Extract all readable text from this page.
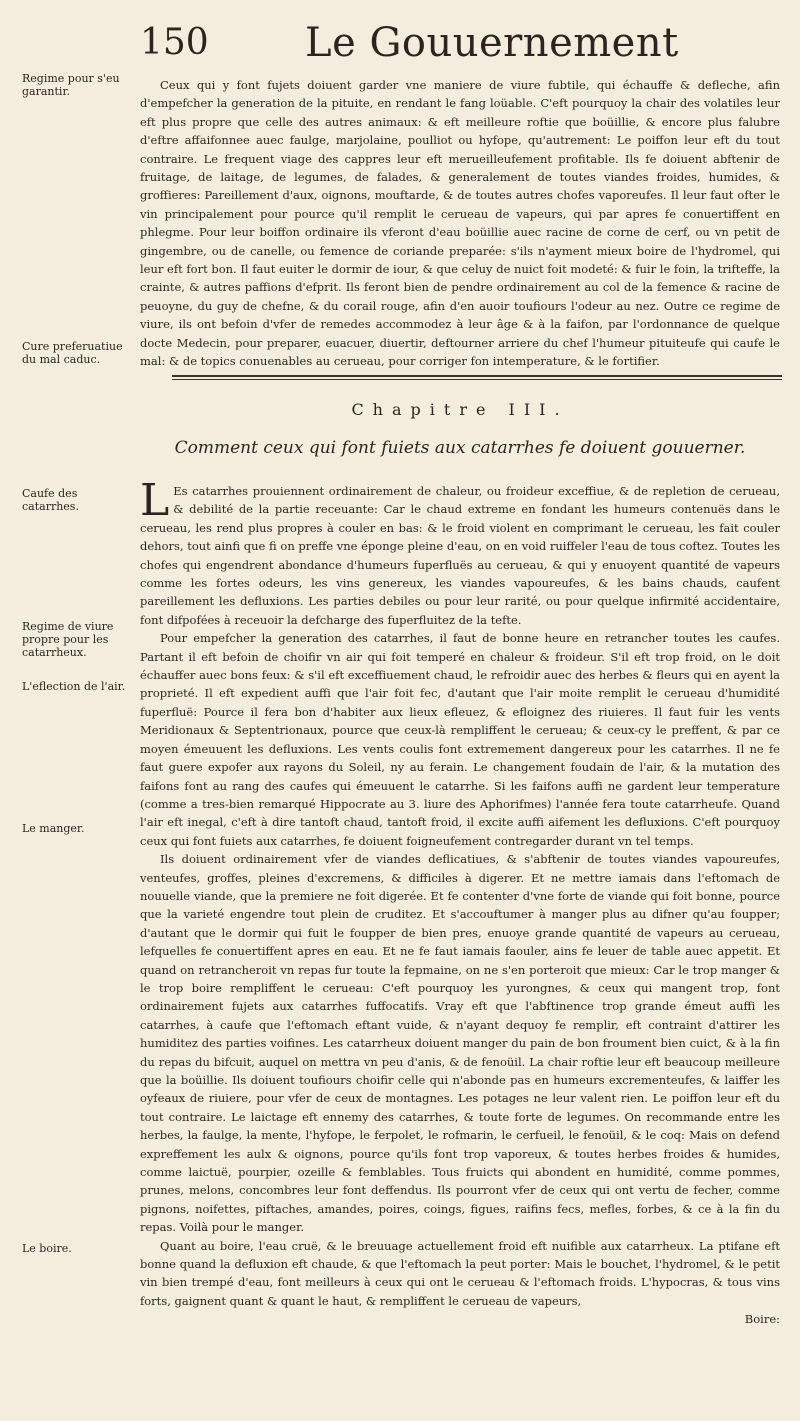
150 Le Gouuernement
Regime pour s'eu garantir.
Cure preferuatiue du mal caduc.
Caufe des catarrhes.
Regime de viure propre pour les catarrheux.
L'eflection de l'air.
Le manger.
Le boire.

Ceux qui y font fujets doiuent garder vne maniere de viure fubtile, qui échauffe & defleche, afin d'empefcher la generation de la pituite, en rendant le fang loüable. C'eft pourquoy la chair des volatiles leur eft plus propre que celle des autres animaux: & eft meilleure roftie que boüillie, & encore plus falubre d'eftre affaifonnee auec faulge, marjolaine, poulliot ou hyfope, qu'autrement: Le poiffon leur eft du tout contraire. Le frequent viage des cappres leur eft merueilleufement profitable. Ils fe doiuent abftenir de fruitage, de laitage, de legumes, de falades, & generalement de toutes viandes froides, humides, & groffieres: Pareillement d'aux, oignons, mouftarde, & de toutes autres chofes vaporeufes. Il leur faut ofter le vin principalement pour pource qu'il remplit le cerueau de vapeurs, qui par apres fe conuertiffent en phlegme. Pour leur boiffon ordinaire ils vferont d'eau boüillie auec racine de corne de cerf, ou vn petit de gingembre, ou de canelle, ou femence de coriande preparée: s'ils n'ayment mieux boire de l'hydromel, qui leur eft fort bon. Il faut euiter le dormir de iour, & que celuy de nuict foit modeté: & fuir le foin, la trifteffe, la crainte, & autres paffions d'efprit. Ils feront bien de pendre ordinairement au col de la femence & racine de peuoyne, du guy de chefne, & du corail rouge, afin d'en auoir toufiours l'odeur au nez. Outre ce regime de viure, ils ont befoin d'vfer de remedes accommodez à leur âge & à la faifon, par l'ordonnance de quelque docte Medecin, pour preparer, euacuer, diuertir, deftourner arriere du chef l'humeur pituiteufe qui caufe le mal: & de topics conuenables au cerueau, pour corriger fon intemperature, & le fortifier.

Chapitre III.
Comment ceux qui font fuiets aux catarrhes fe doiuent gouuerner.

L Es catarrhes prouiennent ordinairement de chaleur, ou froideur exceffiue, & de repletion de cerueau, & debilité de la partie receuante: Car le chaud extreme en fondant les humeurs contenuës dans le cerueau, les rend plus propres à couler en bas: & le froid violent en comprimant le cerueau, les fait couler dehors, tout ainfi que fi on preffe vne éponge pleine d'eau, on en void ruiffeler l'eau de tous coftez. Toutes les chofes qui engendrent abondance d'humeurs fuperfluës au cerueau, & qui y enuoyent quantité de vapeurs comme les fortes odeurs, les vins genereux, les viandes vapoureufes, & les bains chauds, caufent pareillement les defluxions. Les parties debiles ou pour leur rarité, ou pour quelque infirmité accidentaire, font difpofées à receuoir la defcharge des fuperfluitez de la tefte.

Pour empefcher la generation des catarrhes, il faut de bonne heure en retrancher toutes les caufes. Partant il eft befoin de choifir vn air qui foit temperé en chaleur & froideur. S'il eft trop froid, on le doit échauffer auec bons feux: & s'il eft exceffiuement chaud, le refroidir auec des herbes & fleurs qui en ayent la proprieté. Il eft expedient auffi que l'air foit fec, d'autant que l'air moite remplit le cerueau d'humidité fuperfluë: Pource il fera bon d'habiter aux lieux efleuez, & efloignez des riuieres. Il faut fuir les vents Meridionaux & Septentrionaux, pource que ceux-là rempliffent le cerueau; & ceux-cy le preffent, & par ce moyen émeuuent les defluxions. Les vents coulis font extremement dangereux pour les catarrhes. Il ne fe faut guere expofer aux rayons du Soleil, ny au ferain. Le changement foudain de l'air, & la mutation des faifons font au rang des caufes qui émeuuent le catarrhe. Si les faifons auffi ne gardent leur temperature (comme a tres-bien remarqué Hippocrate au 3. liure des Aphorifmes) l'année fera toute catarrheufe. Quand l'air eft inegal, c'eft à dire tantoft chaud, tantoft froid, il excite auffi aifement les defluxions. C'eft pourquoy ceux qui font fuiets aux catarrhes, fe doiuent foigneufement contregarder durant vn tel temps.

Ils doiuent ordinairement vfer de viandes deflicatiues, & s'abftenir de toutes viandes vapoureufes, venteufes, groffes, pleines d'excremens, & difficiles à digerer. Et ne mettre iamais dans l'eftomach de nouuelle viande, que la premiere ne foit digerée. Et fe contenter d'vne forte de viande qui foit bonne, pource que la varieté engendre tout plein de cruditez. Et s'accouftumer à manger plus au difner qu'au foupper; d'autant que le dormir qui fuit le foupper de bien pres, enuoye grande quantité de vapeurs au cerueau, lefquelles fe conuertiffent apres en eau. Et ne fe faut iamais faouler, ains fe leuer de table auec appetit. Et quand on retrancheroit vn repas fur toute la fepmaine, on ne s'en porteroit que mieux: Car le trop manger & le trop boire rempliffent le cerueau: C'eft pourquoy les yurongnes, & ceux qui mangent trop, font ordinairement fujets aux catarrhes fuffocatifs. Vray eft que l'abftinence trop grande émeut auffi les catarrhes, à caufe que l'eftomach eftant vuide, & n'ayant dequoy fe remplir, eft contraint d'attirer les humiditez des parties voifines. Les catarrheux doiuent manger du pain de bon froument bien cuict, & à la fin du repas du bifcuit, auquel on mettra vn peu d'anis, & de fenoüil. La chair roftie leur eft beaucoup meilleure que la boüillie. Ils doiuent toufiours choifir celle qui n'abonde pas en humeurs excrementeufes, & laiffer les oyfeaux de riuiere, pour vfer de ceux de montagnes. Les potages ne leur valent rien. Le poiffon leur eft du tout contraire. Le laictage eft ennemy des catarrhes, & toute forte de legumes. On recommande entre les herbes, la faulge, la mente, l'hyfope, le ferpolet, le rofmarin, le cerfueil, le fenoüil, & le coq: Mais on defend expreffement les aulx & oignons, pource qu'ils font trop vaporeux, & toutes herbes froides & humides, comme laictuë, pourpier, ozeille & femblables. Tous fruicts qui abondent en humidité, comme pommes, prunes, melons, concombres leur font deffendus. Ils pourront vfer de ceux qui ont vertu de fecher, comme pignons, noifettes, piftaches, amandes, poires, coings, figues, raifins fecs, mefles, forbes, & ce à la fin du repas. Voilà pour le manger.

Quant au boire, l'eau cruë, & le breuuage actuellement froid eft nuifible aux catarrheux. La ptifane eft bonne quand la defluxion eft chaude, & que l'eftomach la peut porter: Mais le bouchet, l'hydromel, & le petit vin bien trempé d'eau, font meilleurs à ceux qui ont le cerueau & l'eftomach froids. L'hypocras, & tous vins forts, gaignent quant & quant le haut, & rempliffent le cerueau de vapeurs,

Boire:
